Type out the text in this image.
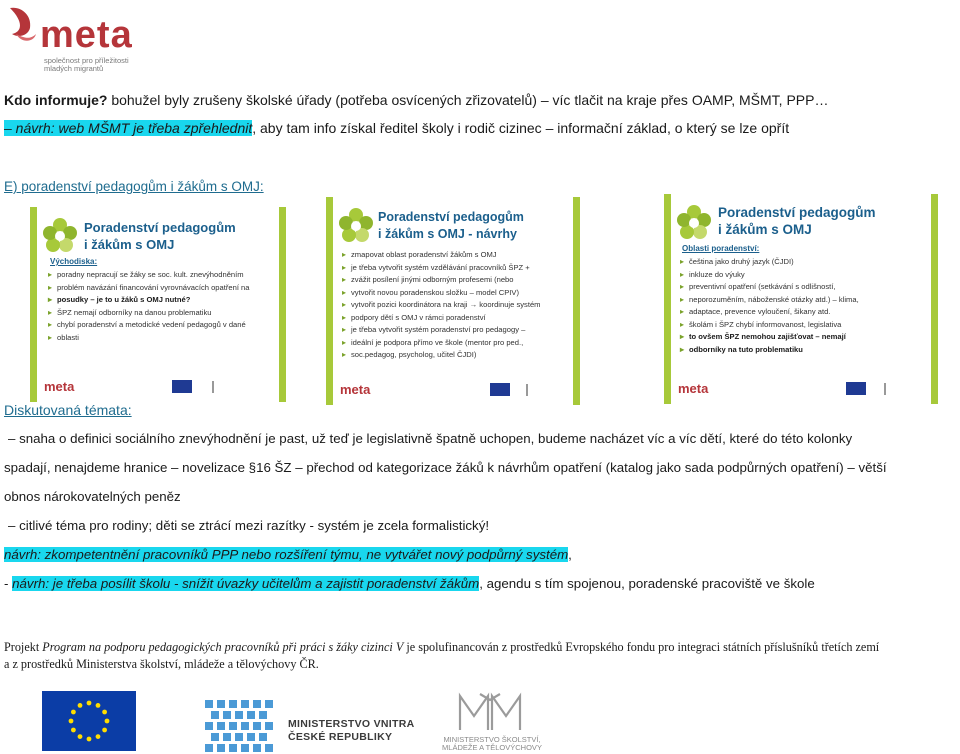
meta
společnost pro příležitosti
mladých migrantů
Kdo informuje? bohužel byly zrušeny školské úřady (potřeba osvícených zřizovatelů) – víc tlačit na kraje přes OAMP, MŠMT, PPP…
– návrh: web MŠMT je třeba zpřehlednit, aby tam info získal ředitel školy i rodič cizinec – informační základ, o který se lze opřít
E) poradenství pedagogům i žákům s OMJ:
Poradenství pedagogům
i žákům s OMJ
Východiska:
▸ poradny nepracují se žáky se soc. kult. znevýhodněním
▸ problém navázání financování vyrovnávacích opatření na
▸ posudky – je to u žáků s OMJ nutné?
▸ ŠPZ nemají odborníky na danou problematiku
▸ chybí poradenství a metodické vedení pedagogů v dané
▸ oblasti
meta
Poradenství pedagogům
i žákům s OMJ - návrhy
▸ zmapovat oblast poradenství žákům s OMJ
▸ je třeba vytvořit systém vzdělávání pracovníků ŠPZ +
▸ zvážit posílení jinými odborným profesemi (nebo
▸ vytvořit novou poradenskou složku – model CPIV)
▸ vytvořit pozici koordinátora na kraji → koordinuje systém
▸ podpory dětí s OMJ v rámci poradenství
▸ je třeba vytvořit systém poradenství pro pedagogy –
▸ ideální je podpora přímo ve škole (mentor pro ped.,
▸ soc.pedagog, psycholog, učitel ČJDI)
meta
Poradenství pedagogům
i žákům s OMJ
Oblasti poradenství:
▸ čeština jako druhý jazyk (ČJDI)
▸ inkluze do výuky
▸ preventivní opatření (setkávání s odlišností,
▸ neporozuměním, náboženské otázky atd.) – klima,
▸ adaptace, prevence vyloučení, šikany atd.
▸ školám i ŠPZ chybí informovanost, legislativa
▸ to ovšem ŠPZ nemohou zajišťovat – nemají
▸ odborníky na tuto problematiku
meta
Diskutovaná témata:
– snaha o definici sociálního znevýhodnění je past, už teď je legislativně špatně uchopen, budeme nacházet víc a víc dětí, které do této kolonky
spadají, nenajdeme hranice – novelizace §16 ŠZ – přechod od kategorizace žáků k návrhům opatření (katalog jako sada podpůrných opatření) – větší
obnos nárokovatelných peněz
– citlivé téma pro rodiny; děti se ztrácí mezi razítky - systém je zcela formalistický!
návrh: zkompetentnění pracovníků PPP nebo rozšíření týmu, ne vytvářet nový podpůrný systém,
- návrh: je třeba posílit školu - snížit úvazky učitelům a zajistit poradenství žákům, agendu s tím spojenou, poradenské pracoviště ve škole
Projekt Program na podporu pedagogických pracovníků při práci s žáky cizinci V je spolufinancován z prostředků Evropského fondu pro integraci státních příslušníků třetích zemí
a z prostředků Ministerstva školství, mládeže a tělovýchovy ČR.
MINISTERSTVO VNITRA
ČESKÉ REPUBLIKY	MINISTERSTVO ŠKOLSTVÍ,
MLÁDEŽE A TĚLOVÝCHOVY
